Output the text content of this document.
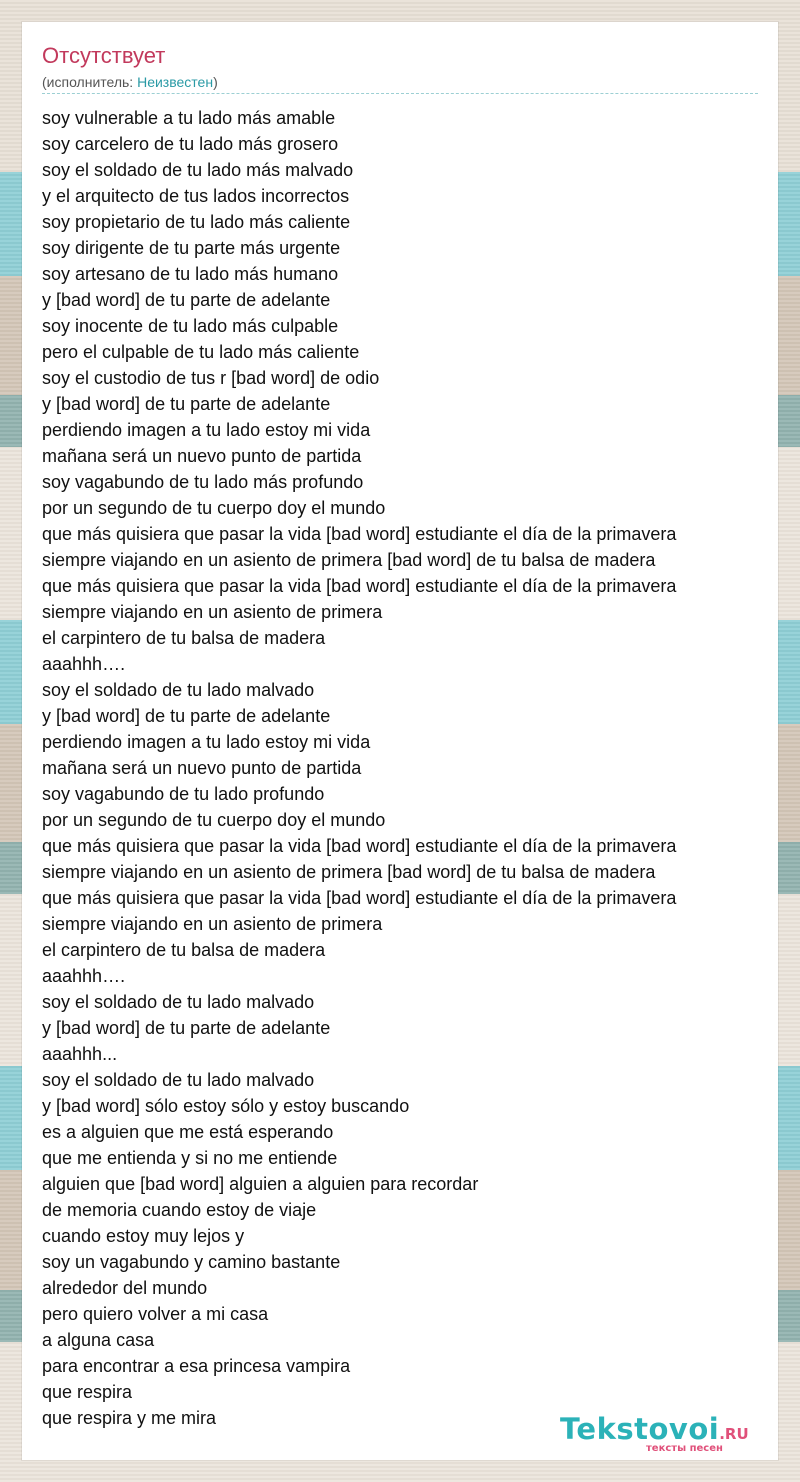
Отсутствует
(исполнитель: Неизвестен)
soy vulnerable a tu lado más amable
soy carcelero de tu lado más grosero
soy el soldado de tu lado más malvado
y el arquitecto de tus lados incorrectos
soy propietario de tu lado más caliente
soy dirigente de tu parte más urgente
soy artesano de tu lado más humano
y [bad word] de tu parte de adelante
soy inocente de tu lado más culpable
pero el culpable de tu lado más caliente
soy el custodio de tus r [bad word] de odio
y [bad word] de tu parte de adelante
perdiendo imagen a tu lado estoy mi vida
mañana será un nuevo punto de partida
soy vagabundo de tu lado más profundo
por un segundo de tu cuerpo doy el mundo
que más quisiera que pasar la vida [bad word] estudiante el día de la primavera
siempre viajando en un asiento de primera [bad word] de tu balsa de madera
que más quisiera que pasar la vida [bad word] estudiante el día de la primavera
siempre viajando en un asiento de primera
el carpintero de tu balsa de madera
aaahhh….
soy el soldado de tu lado malvado
y [bad word] de tu parte de adelante
perdiendo imagen a tu lado estoy mi vida
mañana será un nuevo punto de partida
soy vagabundo de tu lado profundo
por un segundo de tu cuerpo doy el mundo
que más quisiera que pasar la vida [bad word] estudiante el día de la primavera
siempre viajando en un asiento de primera [bad word] de tu balsa de madera
que más quisiera que pasar la vida [bad word] estudiante el día de la primavera
siempre viajando en un asiento de primera
el carpintero de tu balsa de madera
aaahhh….
soy el soldado de tu lado malvado
y [bad word] de tu parte de adelante
aaahhh...
soy el soldado de tu lado malvado
y [bad word] sólo estoy sólo y estoy buscando
es a alguien que me está esperando
que me entienda y si no me entiende
alguien que [bad word] alguien a alguien para recordar
de memoria cuando estoy de viaje
cuando estoy muy lejos y
soy un vagabundo y camino bastante
alrededor del mundo
pero quiero volver a mi casa
a alguna casa
para encontrar a esa princesa vampira
que respira
que respira y me mira	Tekstovoi.RU
тексты песен
